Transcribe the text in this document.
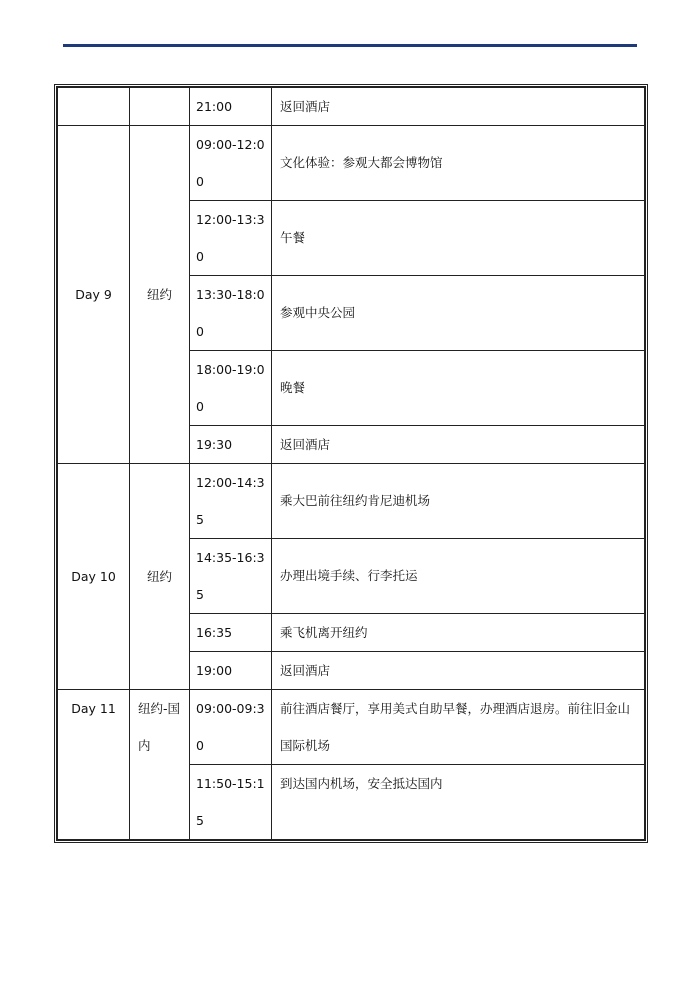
		21:00	返回酒店
Day 9	纽约	09:00-12:00	文化体验：参观大都会博物馆
		12:00-13:30	午餐
		13:30-18:00	参观中央公园
		18:00-19:00	晚餐
		19:30	返回酒店
Day 10	纽约	12:00-14:35	乘大巴前往纽约肯尼迪机场
		14:35-16:35	办理出境手续、行李托运
		16:35	乘飞机离开纽约
		19:00	返回酒店
Day 11	纽约-国内	09:00-09:30	前往酒店餐厅，享用美式自助早餐，办理酒店退房。前往旧金山国际机场
		11:50-15:15	到达国内机场，安全抵达国内
